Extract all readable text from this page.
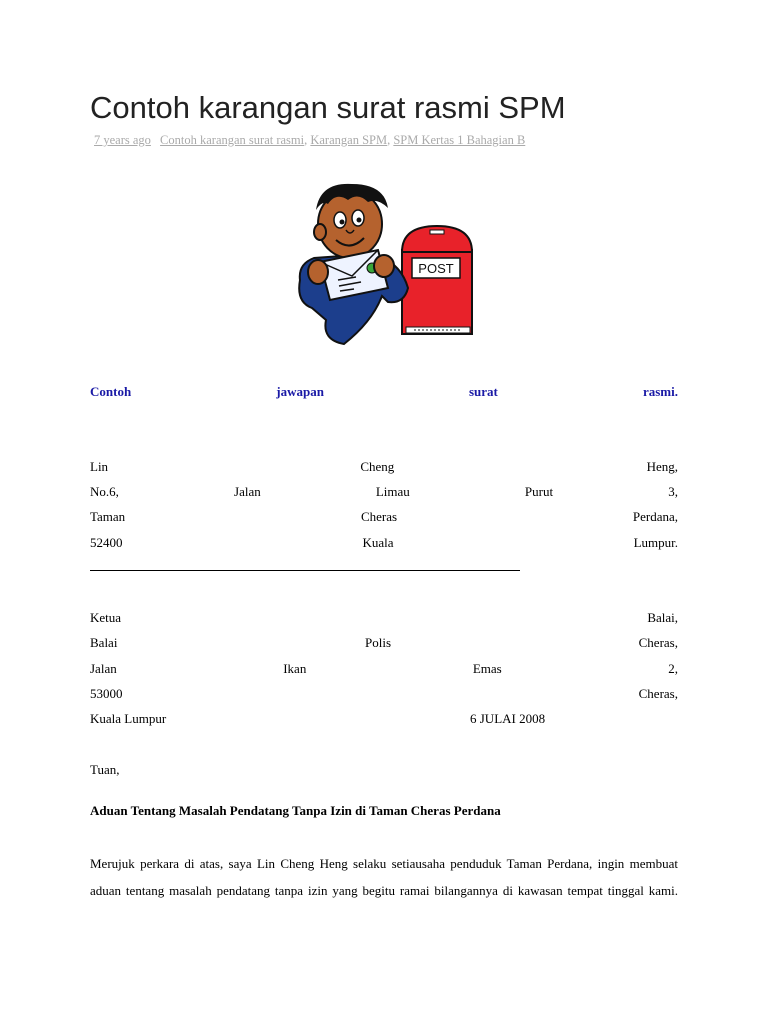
Contoh karangan surat rasmi SPM
7 years ago Contoh karangan surat rasmi, Karangan SPM, SPM Kertas 1 Bahagian B
POST
Contoh	jawapan	surat	rasmi.
Lin	Cheng	Heng,
No.6,	Jalan	Limau	Purut	3,
Taman	Cheras	Perdana,
52400	Kuala	Lumpur.
Ketua	Balai,
Balai	Polis	Cheras,
Jalan	Ikan	Emas	2,
53000	Cheras,
Kuala Lumpur	6 JULAI 2008
Tuan,
Aduan Tentang Masalah Pendatang Tanpa Izin di Taman Cheras Perdana

Merujuk perkara di atas, saya Lin Cheng Heng selaku setiausaha penduduk Taman Perdana, ingin membuat aduan tentang masalah pendatang tanpa izin yang begitu ramai bilangannya di kawasan tempat tinggal kami.
